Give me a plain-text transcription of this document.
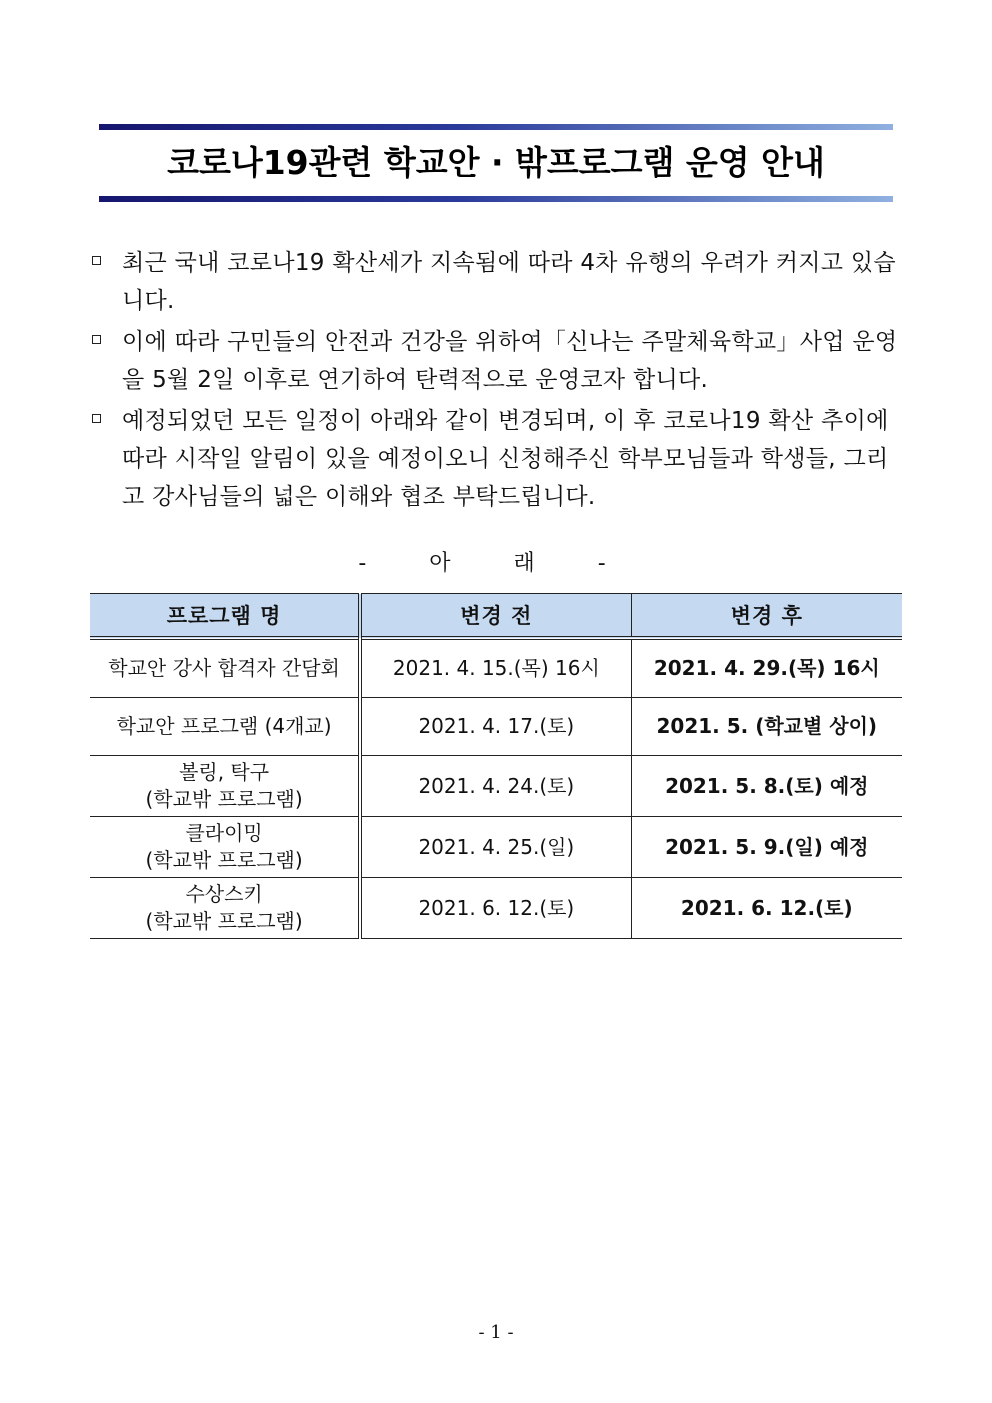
코로나19관련 학교안 · 밖프로그램 운영 안내
최근 국내 코로나19 확산세가 지속됨에 따라 4차 유행의 우려가 커지고 있습니다.
이에 따라 구민들의 안전과 건강을 위하여「신나는 주말체육학교」사업 운영을 5월 2일 이후로 연기하여 탄력적으로 운영코자 합니다.
예정되었던 모든 일정이 아래와 같이 변경되며, 이 후 코로나19 확산 추이에 따라 시작일 알림이 있을 예정이오니 신청해주신 학부모님들과 학생들, 그리고 강사님들의 넓은 이해와 협조 부탁드립니다.
- 아 래 -
프로그램 명	변경 전	변경 후
학교안 강사 합격자 간담회	2021. 4. 15.(목) 16시	2021. 4. 29.(목) 16시
학교안 프로그램 (4개교)	2021. 4. 17.(토)	2021. 5. (학교별 상이)

볼링, 탁구
(학교밖 프로그램)	2021. 4. 24.(토)	2021. 5. 8.(토) 예정

클라이밍
(학교밖 프로그램)	2021. 4. 25.(일)	2021. 5. 9.(일) 예정

수상스키
(학교밖 프로그램)	2021. 6. 12.(토)	2021. 6. 12.(토)
- 1 -
